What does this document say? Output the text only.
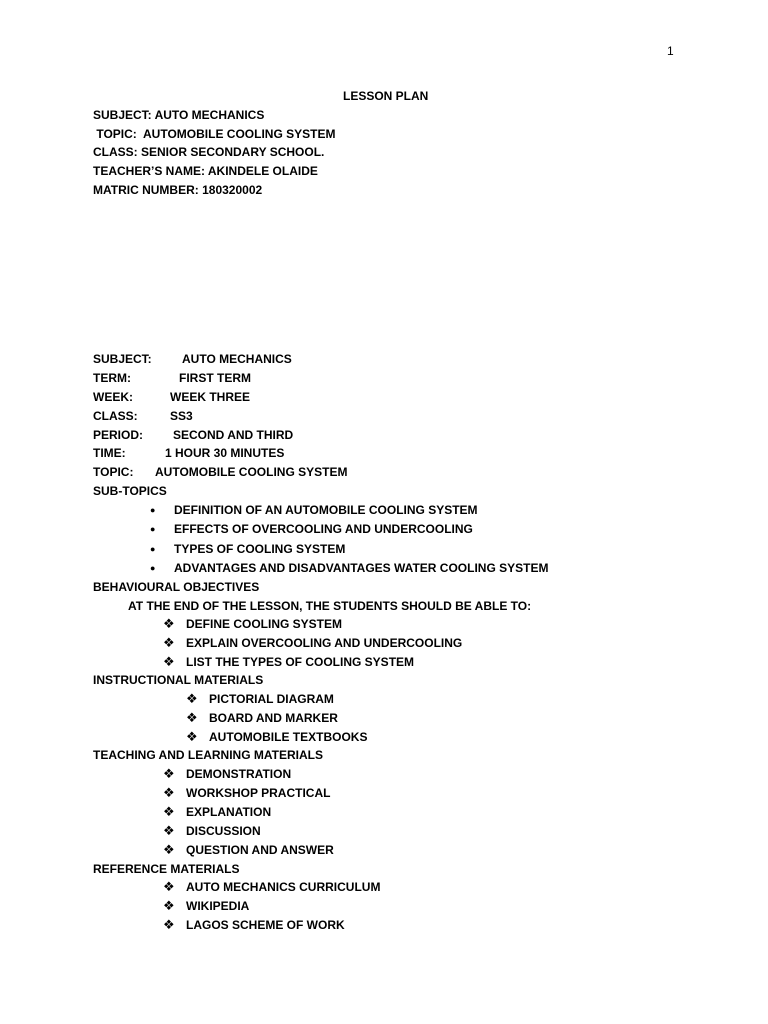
1
LESSON PLAN
SUBJECT: AUTO MECHANICS
TOPIC:  AUTOMOBILE COOLING SYSTEM
CLASS: SENIOR SECONDARY SCHOOL.
TEACHER’S NAME: AKINDELE OLAIDE
MATRIC NUMBER: 180320002
SUBJECT:	AUTO MECHANICS
TERM:	FIRST TERM
WEEK:	WEEK THREE
CLASS:	SS3
PERIOD: SECOND AND THIRD
TIME:	1 HOUR 30 MINUTES
TOPIC: AUTOMOBILE COOLING SYSTEM
SUB-TOPICS
● DEFINITION OF AN AUTOMOBILE COOLING SYSTEM
● EFFECTS OF OVERCOOLING AND UNDERCOOLING
● TYPES OF COOLING SYSTEM
● ADVANTAGES AND DISADVANTAGES WATER COOLING SYSTEM
BEHAVIOURAL OBJECTIVES
AT THE END OF THE LESSON, THE STUDENTS SHOULD BE ABLE TO:
❖ DEFINE COOLING SYSTEM
❖ EXPLAIN OVERCOOLING AND UNDERCOOLING
❖ LIST THE TYPES OF COOLING SYSTEM
INSTRUCTIONAL MATERIALS
❖ PICTORIAL DIAGRAM
❖ BOARD AND MARKER
❖ AUTOMOBILE TEXTBOOKS
TEACHING AND LEARNING MATERIALS
❖ DEMONSTRATION
❖ WORKSHOP PRACTICAL
❖ EXPLANATION
❖ DISCUSSION
❖ QUESTION AND ANSWER
REFERENCE MATERIALS
❖ AUTO MECHANICS CURRICULUM
❖ WIKIPEDIA
❖ LAGOS SCHEME OF WORK
